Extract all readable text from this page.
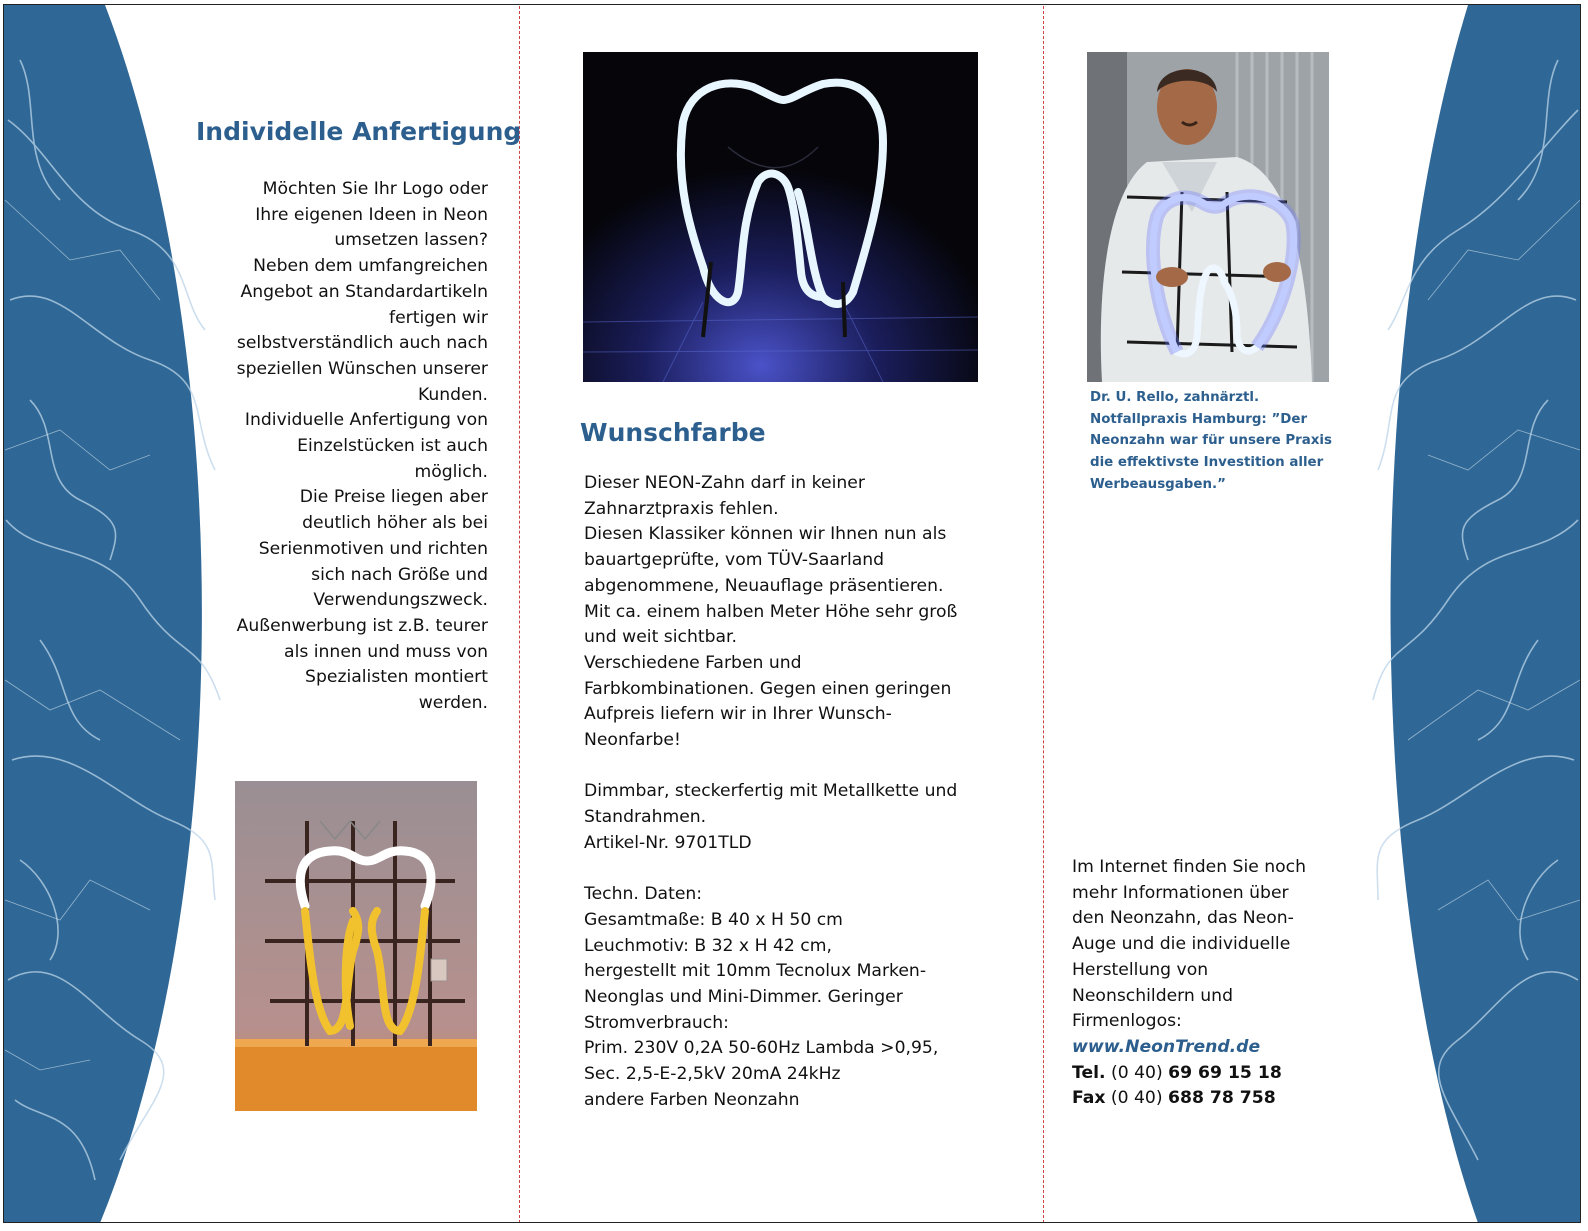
Individelle Anfertigung
Möchten Sie Ihr Logo oder
Ihre eigenen Ideen in Neon
umsetzen lassen?
Neben dem umfangreichen
Angebot an Standardartikeln
fertigen wir
selbstverständlich auch nach
speziellen Wünschen unserer
Kunden.
Individuelle Anfertigung von
Einzelstücken ist auch
möglich.
Die Preise liegen aber
deutlich höher als bei
Serienmotiven und richten
sich nach Größe und
Verwendungszweck.
Außenwerbung ist z.B. teurer
als innen und muss von
Spezialisten montiert
werden.
Wunschfarbe
Dieser NEON-Zahn darf in keiner
Zahnarztpraxis fehlen.
Diesen Klassiker können wir Ihnen nun als
bauartgeprüfte, vom TÜV-Saarland
abgenommene, Neuauflage präsentieren.
Mit ca. einem halben Meter Höhe sehr groß
und weit sichtbar.
Verschiedene Farben und
Farbkombinationen. Gegen einen geringen
Aufpreis liefern wir in Ihrer Wunsch-
Neonfarbe!

Dimmbar, steckerfertig mit Metallkette und
Standrahmen.
Artikel-Nr. 9701TLD

Techn. Daten:
Gesamtmaße: B 40 x H 50 cm
Leuchmotiv: B 32 x H 42 cm,
hergestellt mit 10mm Tecnolux Marken-
Neonglas und Mini-Dimmer. Geringer
Stromverbrauch:
Prim. 230V 0,2A 50-60Hz Lambda >0,95,
Sec. 2,5-E-2,5kV 20mA 24kHz
andere Farben Neonzahn
Dr. U. Rello, zahnärztl.
Notfallpraxis Hamburg: ”Der
Neonzahn war für unsere Praxis
die effektivste Investition aller
Werbeausgaben.”
Im Internet finden Sie noch
mehr Informationen über
den Neonzahn, das Neon-
Auge und die individuelle
Herstellung von
Neonschildern und
Firmenlogos:
www.NeonTrend.de
Tel. (0 40) 69 69 15 18
Fax (0 40) 688 78 758
